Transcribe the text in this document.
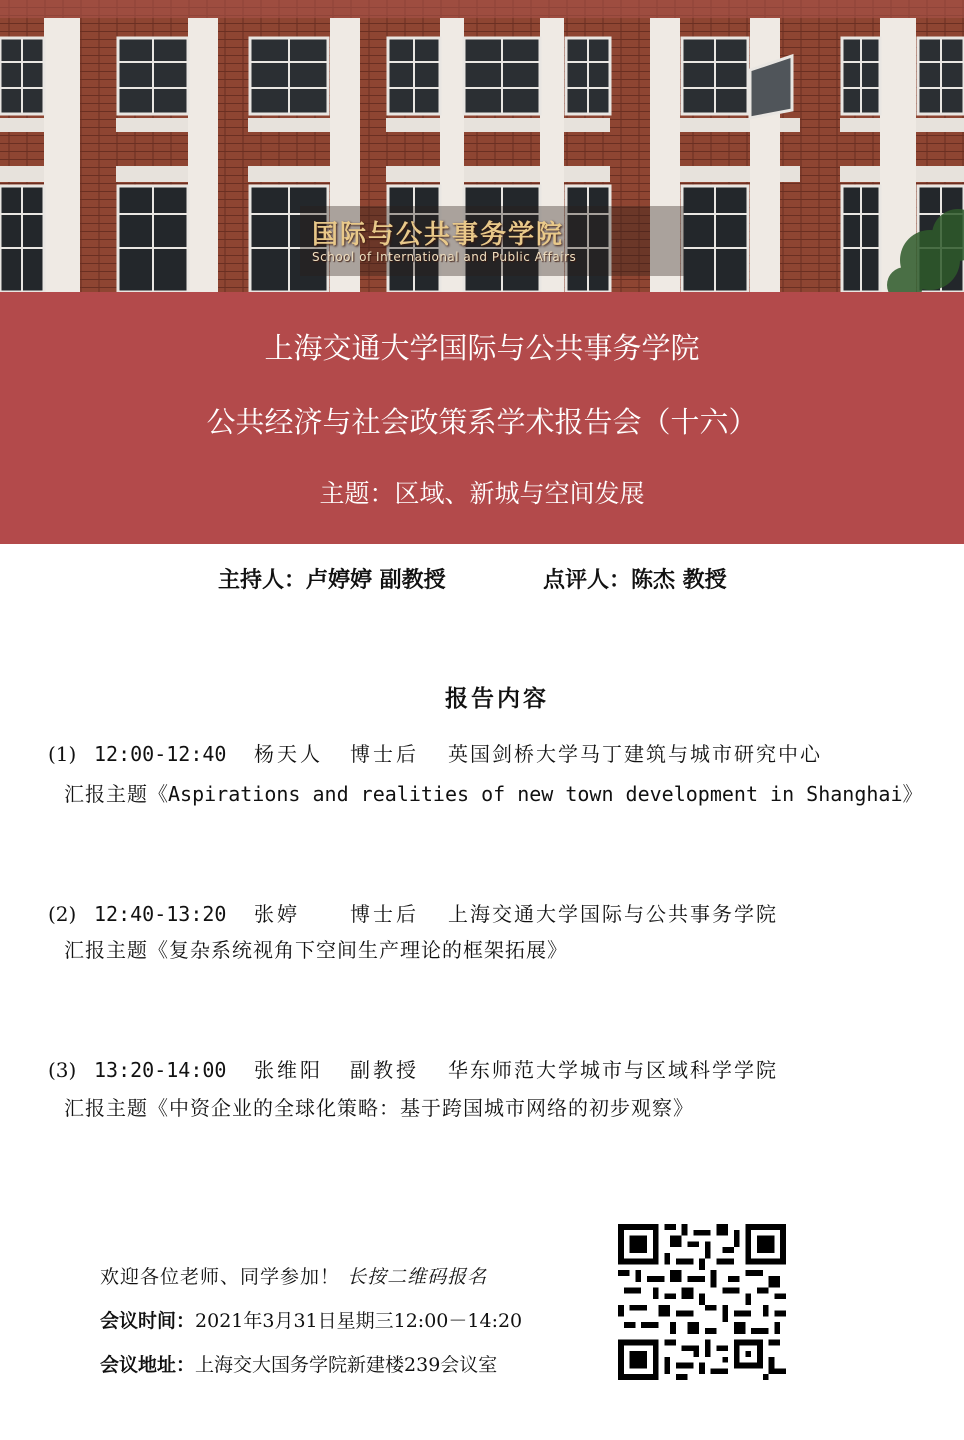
国际与公共事务学院
School of International and Public Affairs
上海交通大学国际与公共事务学院
公共经济与社会政策系学术报告会（十六）
主题：区域、新城与空间发展
主持人：卢婷婷 副教授	点评人：陈杰 教授
报告内容
(1) 12:00-12:40 杨天人 博士后 英国剑桥大学马丁建筑与城市研究中心
汇报主题《Aspirations and realities of new town development in Shanghai》
(2) 12:40-13:20 张婷	博士后 上海交通大学国际与公共事务学院
汇报主题《复杂系统视角下空间生产理论的框架拓展》
(3) 13:20-14:00 张维阳 副教授 华东师范大学城市与区域科学学院
汇报主题《中资企业的全球化策略：基于跨国城市网络的初步观察》
欢迎各位老师、同学参加！ 长按二维码报名
会议时间：2021年3月31日星期三12:00－14:20
会议地址：上海交大国务学院新建楼239会议室
